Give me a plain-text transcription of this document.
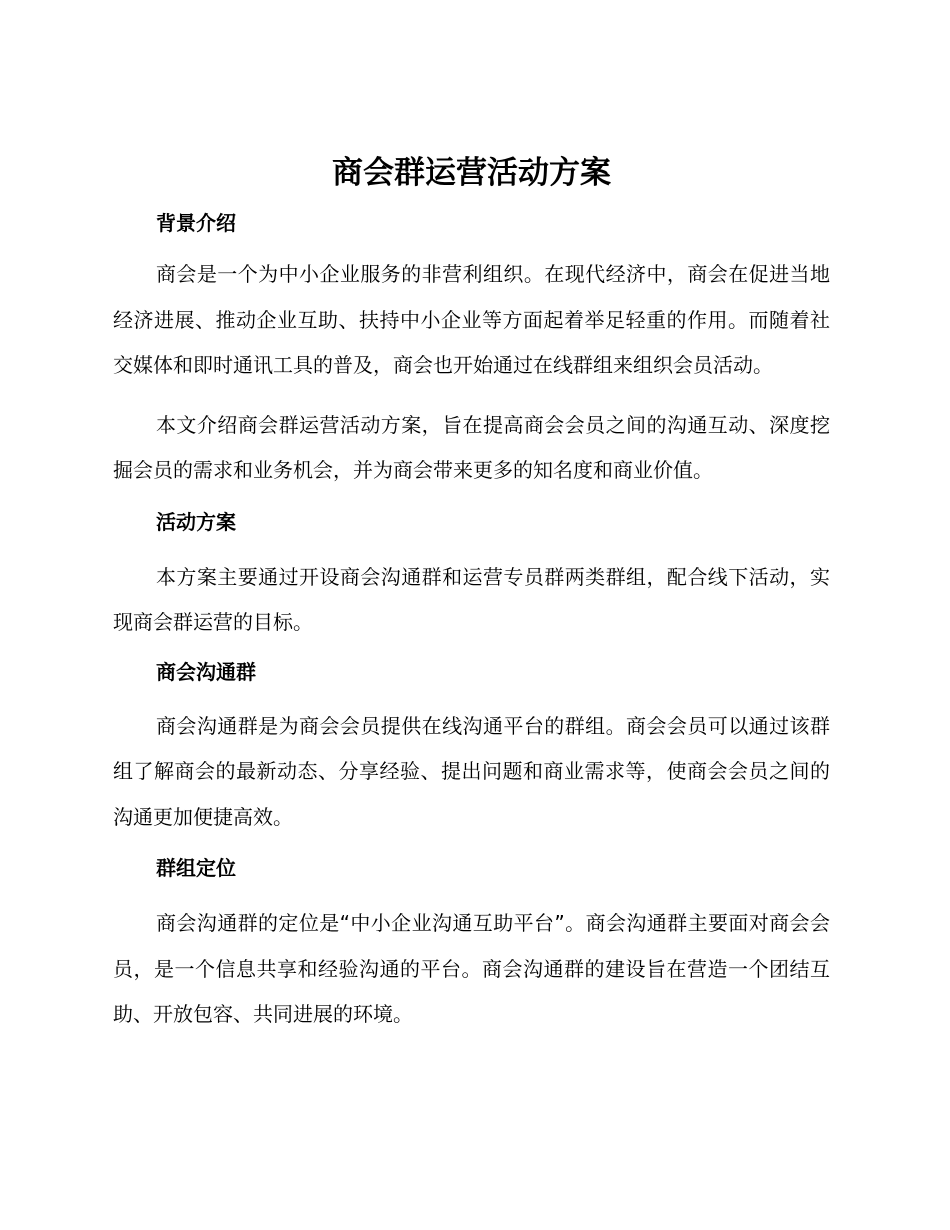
商会群运营活动方案

背景介绍

商会是一个为中小企业服务的非营利组织。在现代经济中，商会在促进当地经济进展、推动企业互助、扶持中小企业等方面起着举足轻重的作用。而随着社交媒体和即时通讯工具的普及，商会也开始通过在线群组来组织会员活动。

本文介绍商会群运营活动方案，旨在提高商会会员之间的沟通互动、深度挖掘会员的需求和业务机会，并为商会带来更多的知名度和商业价值。

活动方案

本方案主要通过开设商会沟通群和运营专员群两类群组，配合线下活动，实现商会群运营的目标。

商会沟通群

商会沟通群是为商会会员提供在线沟通平台的群组。商会会员可以通过该群组了解商会的最新动态、分享经验、提出问题和商业需求等，使商会会员之间的沟通更加便捷高效。

群组定位

商会沟通群的定位是“中小企业沟通互助平台”。商会沟通群主要面对商会会员，是一个信息共享和经验沟通的平台。商会沟通群的建设旨在营造一个团结互助、开放包容、共同进展的环境。
